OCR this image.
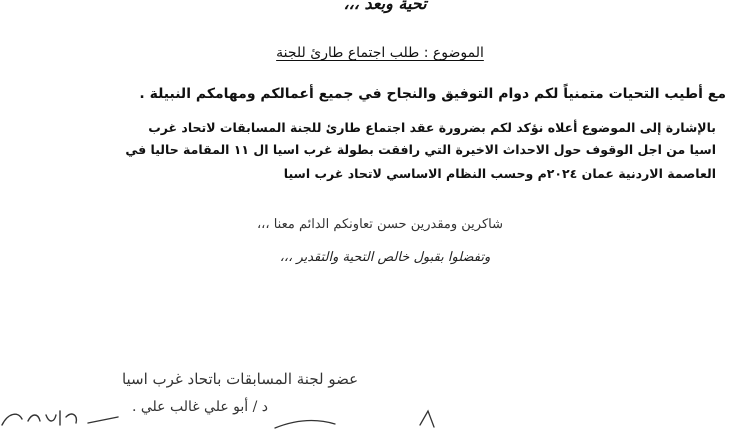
تحية وبعد ،،،
الموضوع : طلب اجتماع طارئ للجنة
مع أطيب التحيات متمنياً لكم دوام التوفيق والنجاح في جميع أعمالكم ومهامكم النبيلة .
بالإشارة إلى الموضوع أعلاه نؤكد لكم بضرورة عقد اجتماع طارئ للجنة المسابقات لاتحاد غرب
اسيا من اجل الوقوف حول الاحداث الاخيرة التي رافقت بطولة غرب اسيا ال ١١ المقامة حاليا في
العاصمة الاردنية عمان ٢٠٢٤م وحسب النظام الاساسي لاتحاد غرب اسيا
شاكرين ومقدرين حسن تعاونكم الدائم معنا ،،،
وتفضلوا بقبول خالص التحية والتقدير ،،،
عضو لجنة المسابقات باتحاد غرب اسيا
د / أبو علي غالب علي .
